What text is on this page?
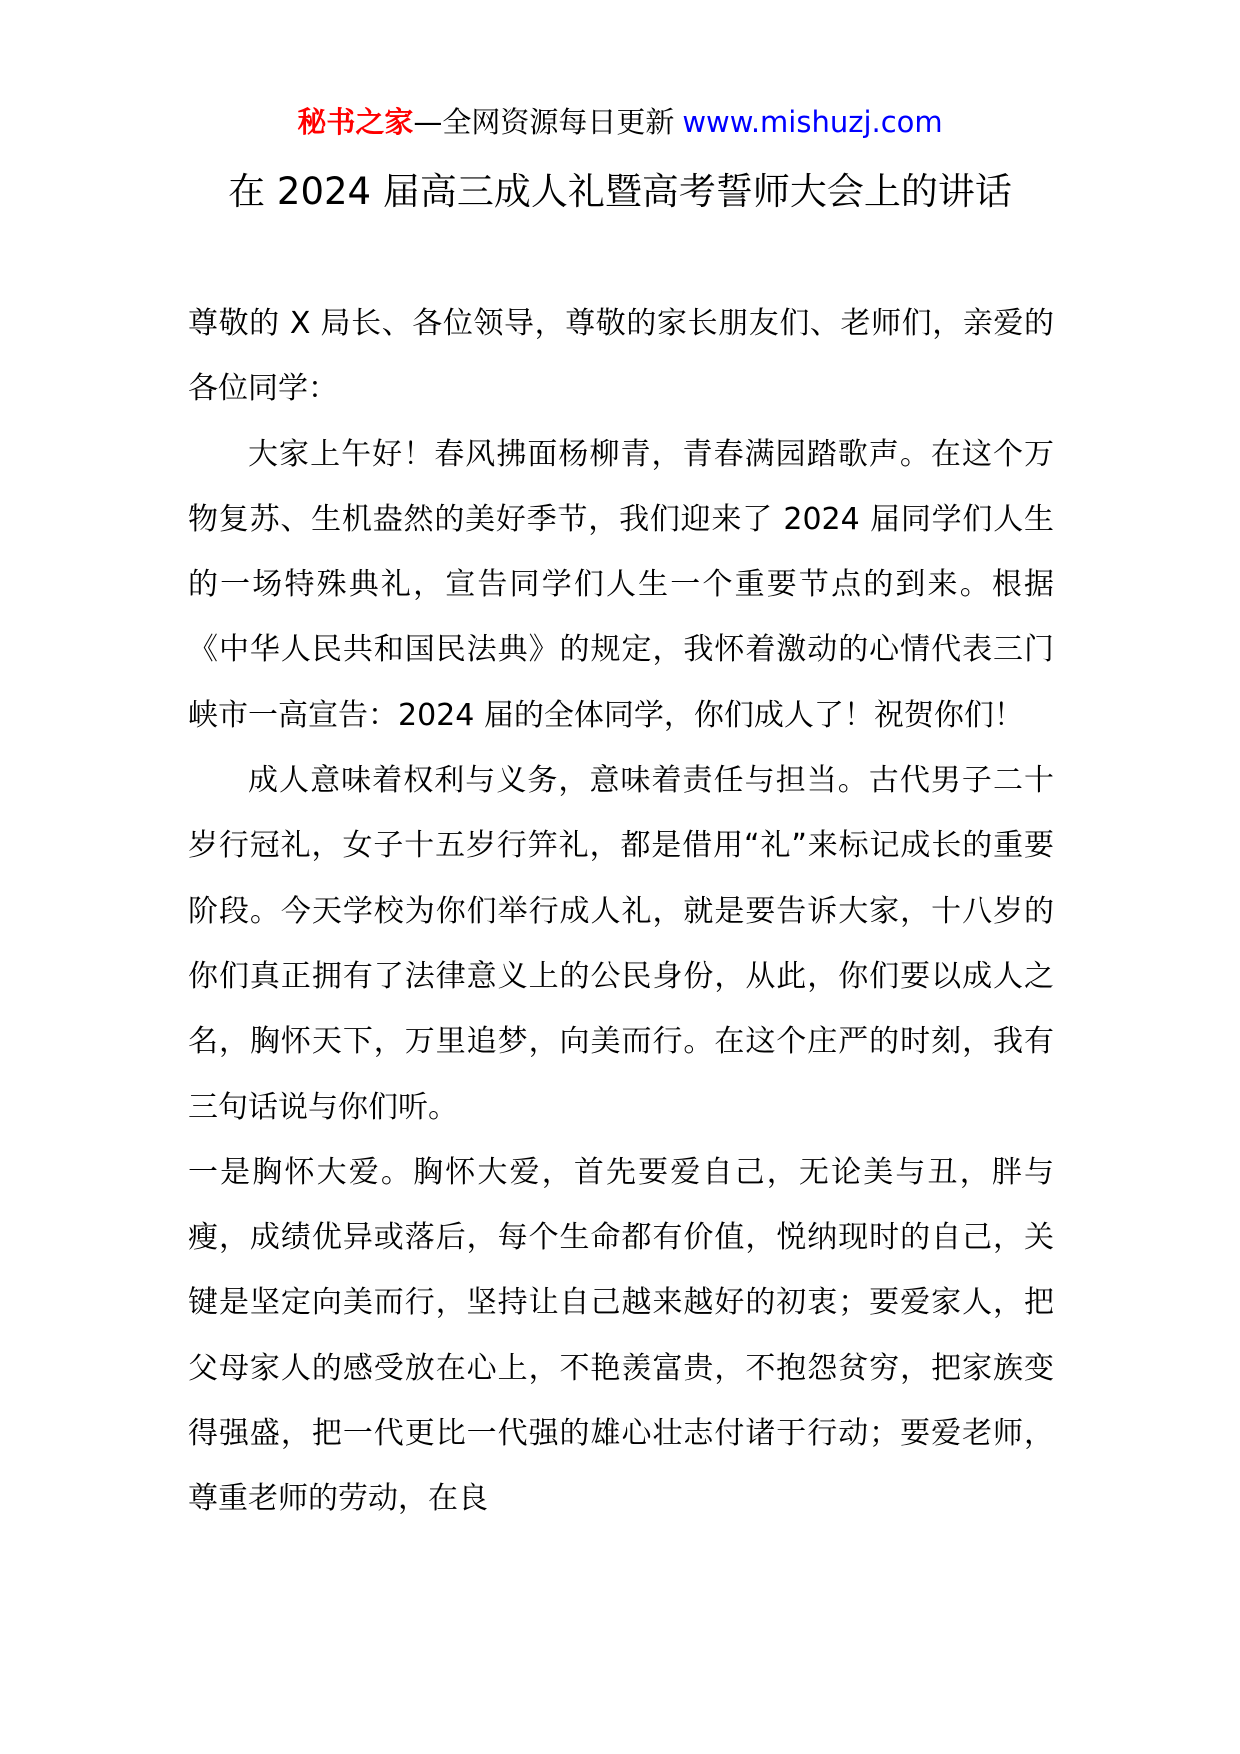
秘书之家—全网资源每日更新 www.mishuzj.com
在 2024 届高三成人礼暨高考誓师大会上的讲话

尊敬的 X 局长、各位领导，尊敬的家长朋友们、老师们，亲爱的各位同学：

大家上午好！春风拂面杨柳青，青春满园踏歌声。在这个万物复苏、生机盎然的美好季节，我们迎来了 2024 届同学们人生的一场特殊典礼，宣告同学们人生一个重要节点的到来。根据《中华人民共和国民法典》的规定，我怀着激动的心情代表三门峡市一高宣告：2024 届的全体同学，你们成人了！祝贺你们！

成人意味着权利与义务，意味着责任与担当。古代男子二十岁行冠礼，女子十五岁行笄礼，都是借用“礼”来标记成长的重要阶段。今天学校为你们举行成人礼，就是要告诉大家，十八岁的你们真正拥有了法律意义上的公民身份，从此，你们要以成人之名，胸怀天下，万里追梦，向美而行。在这个庄严的时刻，我有三句话说与你们听。

一是胸怀大爱。胸怀大爱，首先要爱自己，无论美与丑，胖与瘦，成绩优异或落后，每个生命都有价值，悦纳现时的自己，关键是坚定向美而行，坚持让自己越来越好的初衷；要爱家人，把父母家人的感受放在心上，不艳羡富贵，不抱怨贫穷，把家族变得强盛，把一代更比一代强的雄心壮志付诸于行动；要爱老师，尊重老师的劳动，在良
